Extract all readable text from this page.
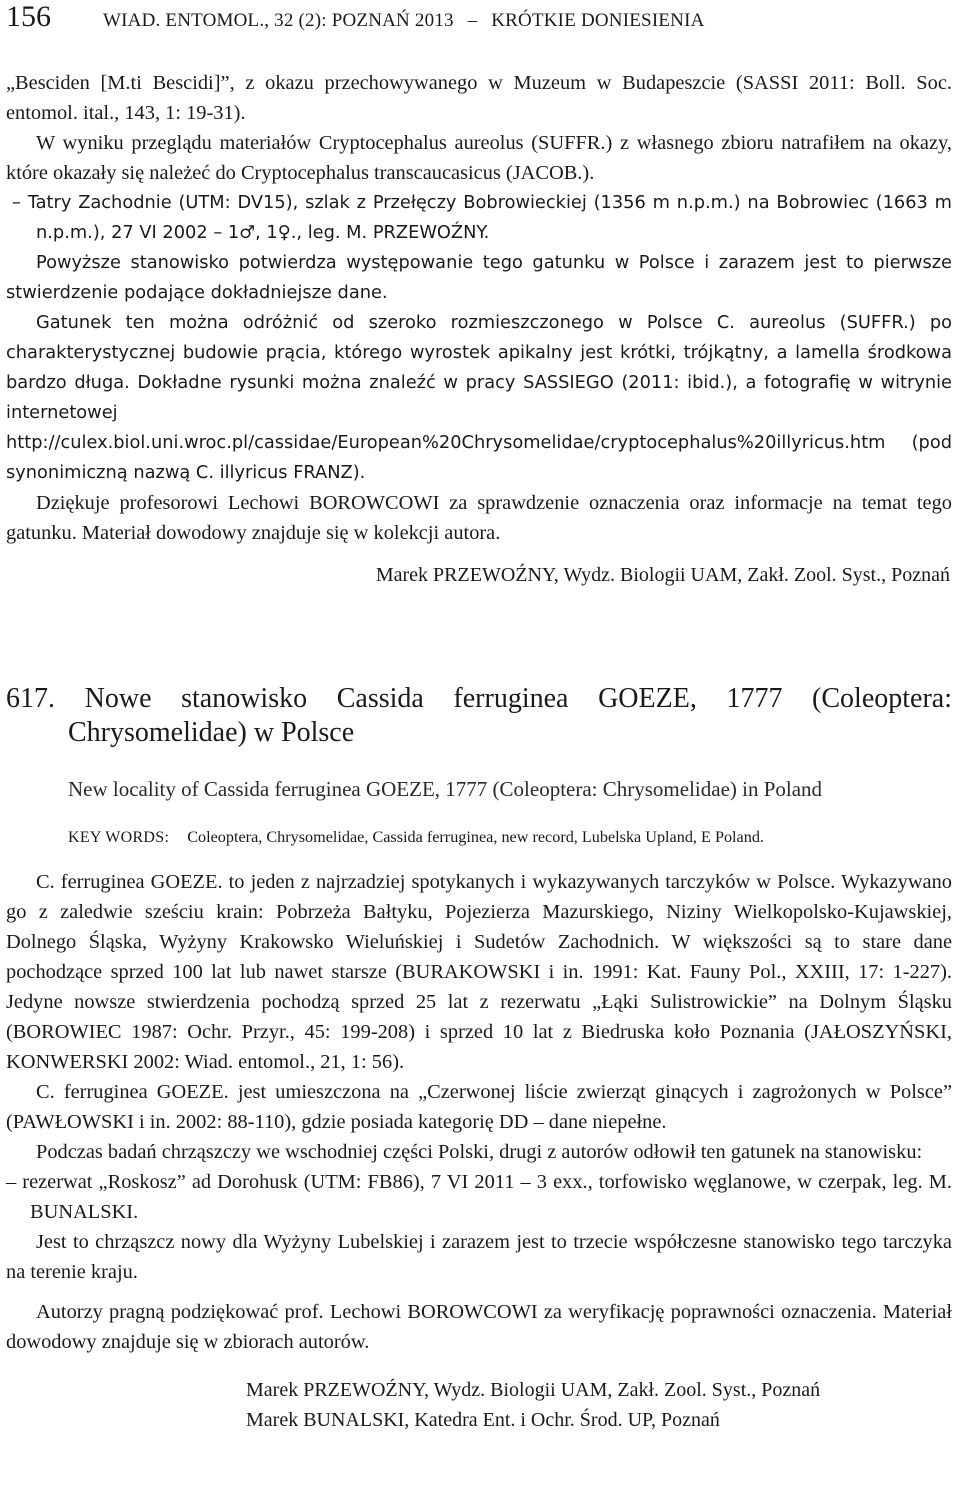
156	WIAD. ENTOMOL., 32 (2): POZNAŃ 2013 – KRÓTKIE DONIESIENIA

„Besciden [M.ti Bescidi]”, z okazu przechowywanego w Muzeum w Budapeszcie (SASSI 2011: Boll. Soc. entomol. ital., 143, 1: 19-31).

W wyniku przeglądu materiałów Cryptocephalus aureolus (SUFFR.) z własnego zbioru natrafiłem na okazy, które okazały się należeć do Cryptocephalus transcaucasicus (JACOB.).

– Tatry Zachodnie (UTM: DV15), szlak z Przełęczy Bobrowieckiej (1356 m n.p.m.) na Bobrowiec (1663 m n.p.m.), 27 VI 2002 – 1♂, 1♀., leg. M. PRZEWOŹNY.

Powyższe stanowisko potwierdza występowanie tego gatunku w Polsce i zarazem jest to pierwsze stwierdzenie podające dokładniejsze dane.

Gatunek ten można odróżnić od szeroko rozmieszczonego w Polsce C. aureolus (SUFFR.) po charakterystycznej budowie prącia, którego wyrostek apikalny jest krótki, trójkątny, a lamella środkowa bardzo długa. Dokładne rysunki można znaleźć w pracy SASSIEGO (2011: ibid.), a fotografię w witrynie internetowej http://culex.biol.uni.wroc.pl/cassidae/European%20Chrysomelidae/cryptocephalus%20illyricus.htm (pod synonimiczną nazwą C. illyricus FRANZ).

Dziękuje profesorowi Lechowi BOROWCOWI za sprawdzenie oznaczenia oraz informacje na temat tego gatunku. Materiał dowodowy znajduje się w kolekcji autora.

Marek PRZEWOŹNY, Wydz. Biologii UAM, Zakł. Zool. Syst., Poznań

617. Nowe stanowisko Cassida ferruginea GOEZE, 1777 (Coleoptera: Chrysomelidae) w Polsce

New locality of Cassida ferruginea GOEZE, 1777 (Coleoptera: Chrysomelidae) in Poland

KEY WORDS: Coleoptera, Chrysomelidae, Cassida ferruginea, new record, Lubelska Upland, E Poland.

C. ferruginea GOEZE. to jeden z najrzadziej spotykanych i wykazywanych tarczyków w Polsce. Wykazywano go z zaledwie sześciu krain: Pobrzeża Bałtyku, Pojezierza Mazurskiego, Niziny Wielkopolsko-Kujawskiej, Dolnego Śląska, Wyżyny Krakowsko Wieluńskiej i Sudetów Zachodnich. W większości są to stare dane pochodzące sprzed 100 lat lub nawet starsze (BURAKOWSKI i in. 1991: Kat. Fauny Pol., XXIII, 17: 1-227). Jedyne nowsze stwierdzenia pochodzą sprzed 25 lat z rezerwatu „Łąki Sulistrowickie” na Dolnym Śląsku (BOROWIEC 1987: Ochr. Przyr., 45: 199-208) i sprzed 10 lat z Biedruska koło Poznania (JAŁOSZYŃSKI, KONWERSKI 2002: Wiad. entomol., 21, 1: 56).

C. ferruginea GOEZE. jest umieszczona na „Czerwonej liście zwierząt ginących i zagrożonych w Polsce” (PAWŁOWSKI i in. 2002: 88-110), gdzie posiada kategorię DD – dane niepełne.

Podczas badań chrząszczy we wschodniej części Polski, drugi z autorów odłowił ten gatunek na stanowisku:

– rezerwat „Roskosz” ad Dorohusk (UTM: FB86), 7 VI 2011 – 3 exx., torfowisko węglanowe, w czerpak, leg. M. BUNALSKI.

Jest to chrząszcz nowy dla Wyżyny Lubelskiej i zarazem jest to trzecie współczesne stanowisko tego tarczyka na terenie kraju.

Autorzy pragną podziękować prof. Lechowi BOROWCOWI za weryfikację poprawności oznaczenia. Materiał dowodowy znajduje się w zbiorach autorów.

Marek PRZEWOŹNY, Wydz. Biologii UAM, Zakł. Zool. Syst., Poznań

Marek BUNALSKI, Katedra Ent. i Ochr. Środ. UP, Poznań
